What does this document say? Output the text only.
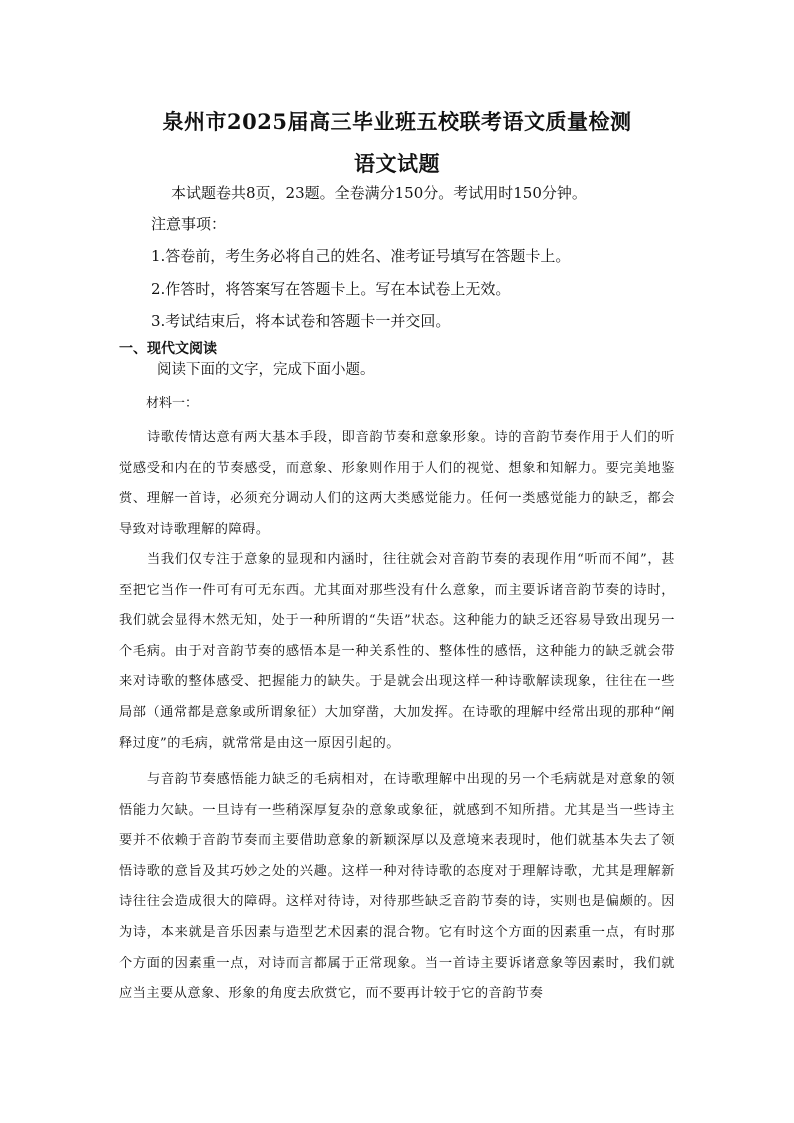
泉州市2025届高三毕业班五校联考语文质量检测
语文试题
本试题卷共8页，23题。全卷满分150分。考试用时150分钟。
注意事项：
1.答卷前，考生务必将自己的姓名、准考证号填写在答题卡上。
2.作答时，将答案写在答题卡上。写在本试卷上无效。
3.考试结束后，将本试卷和答题卡一并交回。
一、现代文阅读
阅读下面的文字，完成下面小题。
材料一：
诗歌传情达意有两大基本手段，即音韵节奏和意象形象。诗的音韵节奏作用于人们的听觉感受和内在的节奏感受，而意象、形象则作用于人们的视觉、想象和知解力。要完美地鉴赏、理解一首诗，必须充分调动人们的这两大类感觉能力。任何一类感觉能力的缺乏，都会导致对诗歌理解的障碍。
当我们仅专注于意象的显现和内涵时，往往就会对音韵节奏的表现作用“听而不闻”，甚至把它当作一件可有可无东西。尤其面对那些没有什么意象，而主要诉诸音韵节奏的诗时，我们就会显得木然无知，处于一种所谓的“失语”状态。这种能力的缺乏还容易导致出现另一个毛病。由于对音韵节奏的感悟本是一种关系性的、整体性的感悟，这种能力的缺乏就会带来对诗歌的整体感受、把握能力的缺失。于是就会出现这样一种诗歌解读现象，往往在一些局部（通常都是意象或所谓象征）大加穿凿，大加发挥。在诗歌的理解中经常出现的那种“阐释过度”的毛病，就常常是由这一原因引起的。
与音韵节奏感悟能力缺乏的毛病相对，在诗歌理解中出现的另一个毛病就是对意象的领悟能力欠缺。一旦诗有一些稍深厚复杂的意象或象征，就感到不知所措。尤其是当一些诗主要并不依赖于音韵节奏而主要借助意象的新颖深厚以及意境来表现时，他们就基本失去了领悟诗歌的意旨及其巧妙之处的兴趣。这样一种对待诗歌的态度对于理解诗歌，尤其是理解新诗往往会造成很大的障碍。这样对待诗，对待那些缺乏音韵节奏的诗，实则也是偏颇的。因为诗，本来就是音乐因素与造型艺术因素的混合物。它有时这个方面的因素重一点，有时那个方面的因素重一点，对诗而言都属于正常现象。当一首诗主要诉诸意象等因素时，我们就应当主要从意象、形象的角度去欣赏它，而不要再计较于它的音韵节奏
